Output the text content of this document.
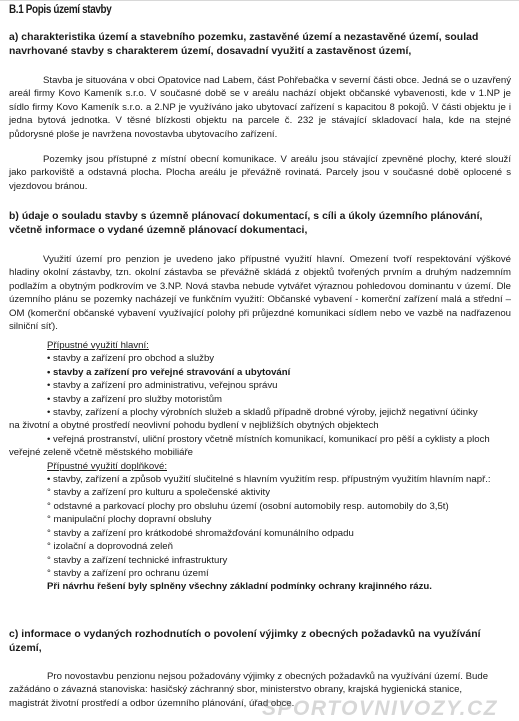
B.1 Popis území stavby
a) charakteristika území a stavebního pozemku, zastavěné území a nezastavěné území, soulad navrhované stavby s charakterem území, dosavadní využití a zastavěnost území,

Stavba je situována v obci Opatovice nad Labem, část Pohřebačka v severní části obce. Jedná se o uzavřený areál firmy Kovo Kameník s.r.o. V současné době se v areálu nachází objekt občanské vybavenosti, kde v 1.NP je sídlo firmy Kovo Kameník s.r.o. a 2.NP je využíváno jako ubytovací zařízení s kapacitou 8 pokojů. V části objektu je i jedna bytová jednotka. V těsné blízkosti objektu na parcele č. 232 je stávající skladovací hala, kde na stejné půdorysné ploše je navržena novostavba ubytovacího zařízení.

Pozemky jsou přístupné z místní obecní komunikace. V areálu jsou stávající zpevněné plochy, které slouží jako parkoviště a odstavná plocha. Plocha areálu je převážně rovinatá. Parcely jsou v současné době oplocené s vjezdovou bránou.

b) údaje o souladu stavby s územně plánovací dokumentací, s cíli a úkoly územního plánování, včetně informace o vydané územně plánovací dokumentaci,

Využití území pro penzion je uvedeno jako přípustné využití hlavní. Omezení tvoří respektování výškové hladiny okolní zástavby, tzn. okolní zástavba se převážně skládá z objektů tvořených prvním a druhým nadzemním podlažím a obytným podkrovím ve 3.NP. Nová stavba nebude vytvářet výraznou pohledovou dominantu v území. Dle územního plánu se pozemky nacházejí ve funkčním využití: Občanské vybavení - komerční zařízení malá a střední – OM (komerční občanské vybavení využívající polohy při průjezdné komunikaci sídlem nebo ve vazbě na nadřazenou silniční síť).

Přípustné využití hlavní:
• stavby a zařízení pro obchod a služby
• stavby a zařízení pro veřejné stravování a ubytování
• stavby a zařízení pro administrativu, veřejnou správu
• stavby a zařízení pro služby motoristům
• stavby, zařízení a plochy výrobních služeb a skladů případně drobné výroby, jejichž negativní účinky
na životní a obytné prostředí neovlivní pohodu bydlení v nejbližších obytných objektech
• veřejná prostranství, uliční prostory včetně místních komunikací, komunikací pro pěší a cyklisty a ploch
veřejné zeleně včetně městského mobiliáře
Přípustné využití doplňkové:
• stavby, zařízení a způsob využití slučitelné s hlavním využitím resp. přípustným využitím hlavním např.:
° stavby a zařízení pro kulturu a společenské aktivity
° odstavné a parkovací plochy pro obsluhu území (osobní automobily resp. automobily do 3,5t)
° manipulační plochy dopravní obsluhy
° stavby a zařízení pro krátkodobé shromažďování komunálního odpadu
° izolační a doprovodná zeleň
° stavby a zařízení technické infrastruktury
° stavby a zařízení pro ochranu území
Při návrhu řešení byly splněny všechny základní podmínky ochrany krajinného rázu.
c) informace o vydaných rozhodnutích o povolení výjimky z obecných požadavků na využívání území,
Pro novostavbu penzionu nejsou požadovány výjimky z obecných požadavků na využívání území. Bude
zažádáno o závazná stanoviska: hasičský záchranný sbor, ministerstvo obrany, krajská hygienická stanice,
magistrát životní prostředí a odbor územního plánování, úřad obce.
SPORTOVNIVOZY.CZ
